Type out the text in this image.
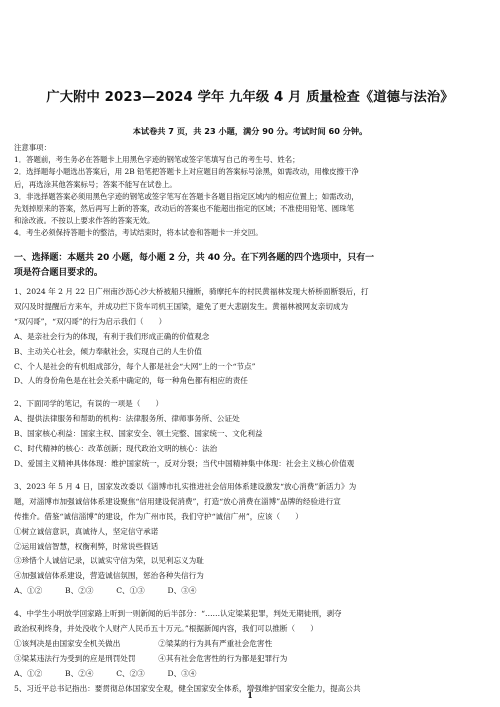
广大附中 2023—2024 学年 九年级 4 月 质量检查《道德与法治》
本试卷共 7 页，共 23 小题，满分 90 分。考试时间 60 分钟。
注意事项：
1．答题前，考生务必在答题卡上用黑色字迹的钢笔或签字笔填写自己的考生号、姓名；
2．选择题每小题选出答案后，用 2B 铅笔把答题卡上对应题目的答案标号涂黑，如需改动，用橡皮擦干净
后，再选涂其他答案标号；答案不能写在试卷上。
3．非选择题答案必须用黑色字迹的钢笔或签字笔写在答题卡各题目指定区域内的相应位置上；如需改动，
先划掉原来的答案，然后再写上新的答案，改动后的答案也不能超出指定的区域；不准使用铅笔、圆珠笔
和涂改液。不按以上要求作答的答案无效。
4．考生必须保持答题卡的整洁，考试结束时，将本试卷和答题卡一并交回。
一、选择题：本题共 20 小题，每小题 2 分，共 40 分。在下列各题的四个选项中，只有一
项是符合题目要求的。
1、2024 年 2 月 22 日广州南沙沥心沙大桥被船只撞断，骑摩托车的村民黄福林发现大桥桥面断裂后，打
双闪及时提醒后方来车，并成功拦下货车司机王国梁，避免了更大悲剧发生。黄福林被网友亲切成为
“双闪哥”，“双闪哥”的行为启示我们（　　）
A、是亲社会行为的体现，有利于我们形成正确的价值观念
B、主动关心社会，倾力奉献社会，实现自己的人生价值
C、个人是社会的有机组成部分，每个人都是社会“大网”上的一个“节点”
D、人的身份角色是在社会关系中确定的，每一种角色都有相应的责任
2、下面同学的笔记，有误的一项是（　　）
A、提供法律服务和帮助的机构：法律服务所、律师事务所、公证处
B、国家核心利益：国家主权、国家安全、领土完整、国家统一、文化利益
C、时代精神的核心：改革创新；现代政治文明的核心：法治
D、爱国主义精神具体体现：维护国家统一，反对分裂；当代中国精神集中体现：社会主义核心价值观
3、2023 年 5 月 4 日，国家发改委以《淄博市扎实推进社会信用体系建设激发“放心消费”新活力》为
题，对淄博市加强诚信体系建设聚焦“信用建设促消费”，打造“放心消费在淄博”品牌的经验进行宣
传推介。借鉴“诚信淄博”的建设，作为广州市民，我们守护“诚信广州”，应该（　　）
①树立诚信意识，真诚待人，坚定信守承诺
②运用诚信智慧，权衡利弊，时常说些假话
③珍惜个人诚信记录，以诚实守信为荣，以见利忘义为耻
④加强诚信体系建设，营造诚信氛围，惩治各种失信行为
A、①②　　　B、②③　　　C、①③　　　D、③④
4、中学生小明放学回家路上听到一则新闻的后半部分：“……认定梁某犯罪，判处无期徒刑，剥夺
政治权利终身，并处没收个人财产人民币五十万元。”根据新闻内容，我们可以推断（　　）
①该判决是由国家安全机关做出　　　　　②梁某的行为具有严重社会危害性
③梁某违法行为受到的应是刑罚处罚　　　④其有社会危害性的行为都是犯罪行为
A、①②　　　B、②④　　　C、②③　　　D、③④
5、习近平总书记指出：要贯彻总体国家安全观，健全国家安全体系，增强维护国家安全能力，提高公共
1
